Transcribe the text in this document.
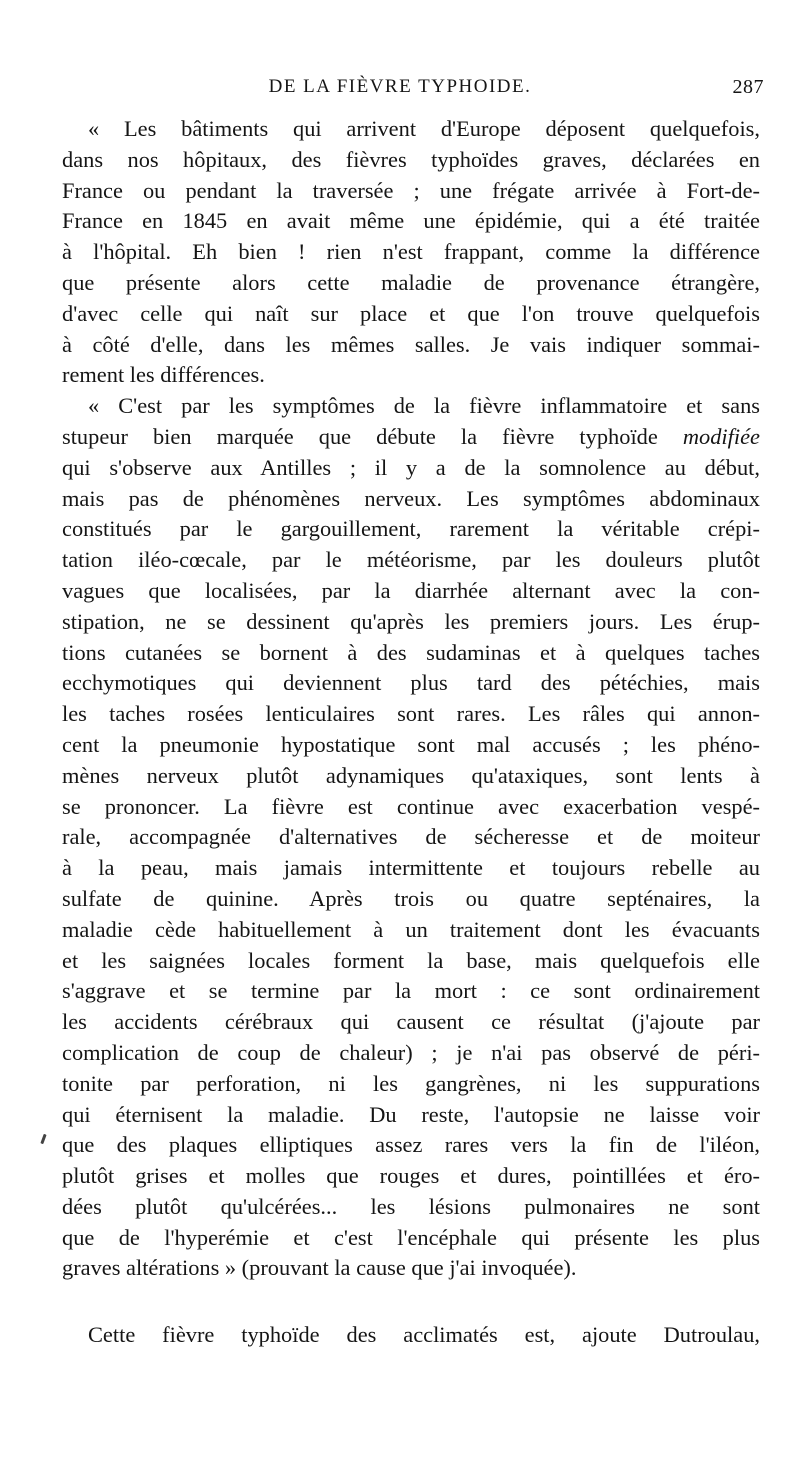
DE LA FIÈVRE TYPHOIDE.	287
« Les bâtiments qui arrivent d'Europe déposent quelquefois,
dans nos hôpitaux, des fièvres typhoïdes graves, déclarées en
France ou pendant la traversée ; une frégate arrivée à Fort-de-
France en 1845 en avait même une épidémie, qui a été traitée
à l'hôpital. Eh bien ! rien n'est frappant, comme la différence
que présente alors cette maladie de provenance étrangère,
d'avec celle qui naît sur place et que l'on trouve quelquefois
à côté d'elle, dans les mêmes salles. Je vais indiquer sommai-
rement les différences.
« C'est par les symptômes de la fièvre inflammatoire et sans
stupeur bien marquée que débute la fièvre typhoïde modifiée
qui s'observe aux Antilles ; il y a de la somnolence au début,
mais pas de phénomènes nerveux. Les symptômes abdominaux
constitués par le gargouillement, rarement la véritable crépi-
tation iléo-cœcale, par le météorisme, par les douleurs plutôt
vagues que localisées, par la diarrhée alternant avec la con-
stipation, ne se dessinent qu'après les premiers jours. Les érup-
tions cutanées se bornent à des sudaminas et à quelques taches
ecchymotiques qui deviennent plus tard des pétéchies, mais
les taches rosées lenticulaires sont rares. Les râles qui annon-
cent la pneumonie hypostatique sont mal accusés ; les phéno-
mènes nerveux plutôt adynamiques qu'ataxiques, sont lents à
se prononcer. La fièvre est continue avec exacerbation vespé-
rale, accompagnée d'alternatives de sécheresse et de moiteur
à la peau, mais jamais intermittente et toujours rebelle au
sulfate de quinine. Après trois ou quatre septénaires, la
maladie cède habituellement à un traitement dont les évacuants
et les saignées locales forment la base, mais quelquefois elle
s'aggrave et se termine par la mort : ce sont ordinairement
les accidents cérébraux qui causent ce résultat (j'ajoute par
complication de coup de chaleur) ; je n'ai pas observé de péri-
tonite par perforation, ni les gangrènes, ni les suppurations
qui éternisent la maladie. Du reste, l'autopsie ne laisse voir
que des plaques elliptiques assez rares vers la fin de l'iléon,
plutôt grises et molles que rouges et dures, pointillées et éro-
dées plutôt qu'ulcérées... les lésions pulmonaires ne sont
que de l'hyperémie et c'est l'encéphale qui présente les plus
graves altérations » (prouvant la cause que j'ai invoquée).
Cette fièvre typhoïde des acclimatés est, ajoute Dutroulau,
